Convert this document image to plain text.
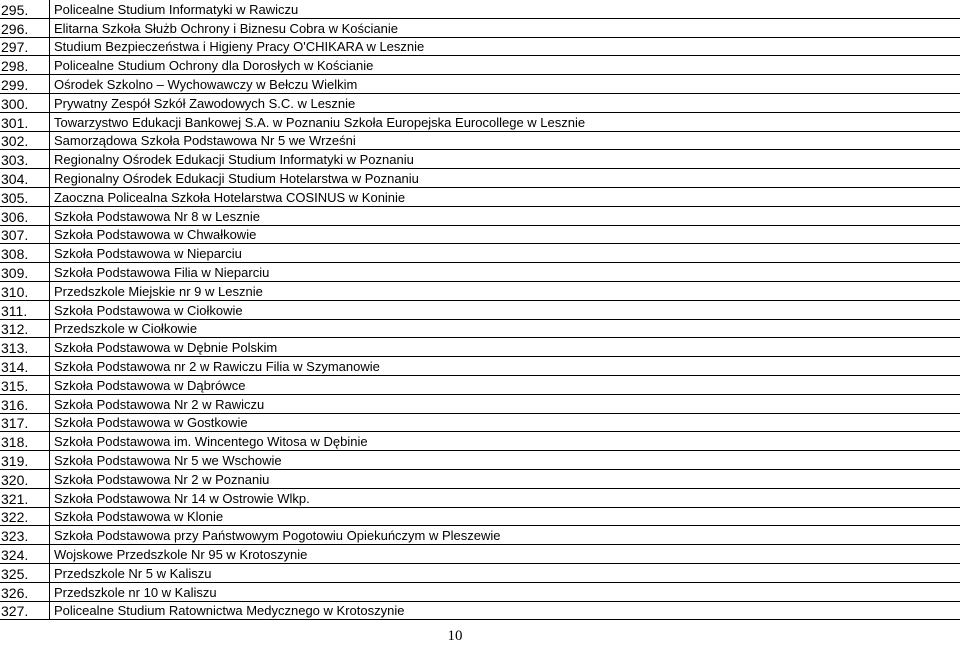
295.	Policealne Studium Informatyki w Rawiczu
296.	Elitarna Szkoła Służb Ochrony i Biznesu Cobra w Kościanie
297.	Studium Bezpieczeństwa i Higieny Pracy O'CHIKARA w Lesznie
298.	Policealne Studium Ochrony dla Dorosłych w Kościanie
299.	Ośrodek Szkolno – Wychowawczy w Bełczu Wielkim
300.	Prywatny Zespół Szkół Zawodowych S.C. w Lesznie
301.	Towarzystwo Edukacji Bankowej S.A. w Poznaniu Szkoła Europejska Eurocollege w Lesznie
302.	Samorządowa Szkoła Podstawowa Nr 5 we Wrześni
303.	Regionalny Ośrodek Edukacji Studium Informatyki w Poznaniu
304.	Regionalny Ośrodek Edukacji Studium Hotelarstwa w Poznaniu
305.	Zaoczna Policealna Szkoła Hotelarstwa COSINUS w Koninie
306.	Szkoła Podstawowa Nr 8 w Lesznie
307.	Szkoła Podstawowa w Chwałkowie
308.	Szkoła Podstawowa w Nieparciu
309.	Szkoła Podstawowa Filia w Nieparciu
310.	Przedszkole Miejskie nr 9 w Lesznie
311.	Szkoła Podstawowa w Ciołkowie
312.	Przedszkole w Ciołkowie
313.	Szkoła Podstawowa w Dębnie Polskim
314.	Szkoła Podstawowa nr 2 w Rawiczu Filia w Szymanowie
315.	Szkoła Podstawowa w Dąbrówce
316.	Szkoła Podstawowa Nr 2 w Rawiczu
317.	Szkoła Podstawowa w Gostkowie
318.	Szkoła Podstawowa im. Wincentego Witosa w Dębinie
319.	Szkoła Podstawowa Nr 5 we Wschowie
320.	Szkoła Podstawowa Nr 2 w Poznaniu
321.	Szkoła Podstawowa Nr 14 w Ostrowie Wlkp.
322.	Szkoła Podstawowa w Klonie
323.	Szkoła Podstawowa przy Państwowym Pogotowiu Opiekuńczym w Pleszewie
324.	Wojskowe Przedszkole Nr 95 w Krotoszynie
325.	Przedszkole Nr 5 w Kaliszu
326.	Przedszkole nr 10 w Kaliszu
327.	Policealne Studium Ratownictwa Medycznego w Krotoszynie
10
